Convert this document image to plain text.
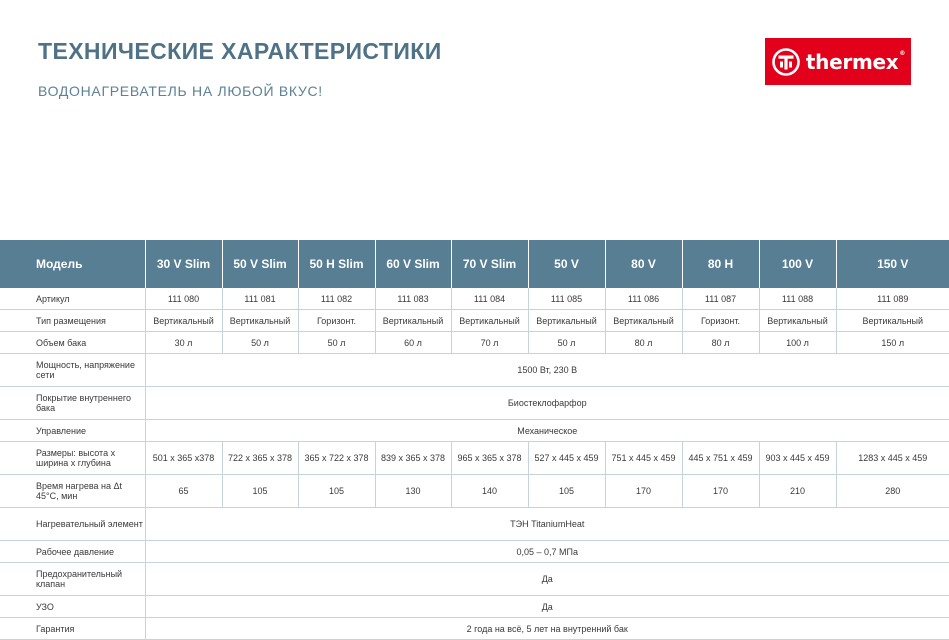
ТЕХНИЧЕСКИЕ ХАРАКТЕРИСТИКИ

ВОДОНАГРЕВАТЕЛЬ НА ЛЮБОЙ ВКУС!

thermex®
Модель	30 V Slim	50 V Slim	50 H Slim	60 V Slim	70 V Slim	50 V	80 V	80 H	100 V	150 V
Артикул	111 080	111 081	111 082	111 083	111 084	111 085	111 086	111 087	111 088	111 089
Тип размещения	Вертикальный	Вертикальный	Горизонт.	Вертикальный	Вертикальный	Вертикальный	Вертикальный	Горизонт.	Вертикальный	Вертикальный
Объем бака	30 л	50 л	50 л	60 л	70 л	50 л	80 л	80 л	100 л	150 л
Мощность, напряжение сети	1500 Вт, 230 В									
Покрытие внутреннего бака	Биостеклофарфор									
Управление	Механическое									
Размеры: высота х ширина х глубина	501 х 365 х378	722 х 365 х 378	365 х 722 х 378	839 х 365 х 378	965 х 365 х 378	527 х 445 х 459	751 х 445 х 459	445 х 751 х 459	903 х 445 х 459	1283 х 445 х 459
Время нагрева на Δt 45°C, мин	65	105	105	130	140	105	170	170	210	280
Нагревательный элемент	ТЭН TitaniumHeat									
Рабочее давление	0,05 – 0,7 МПа									
Предохранительный клапан	Да									
УЗО	Да									
Гарантия	2 года на всё, 5 лет на внутренний бак									
